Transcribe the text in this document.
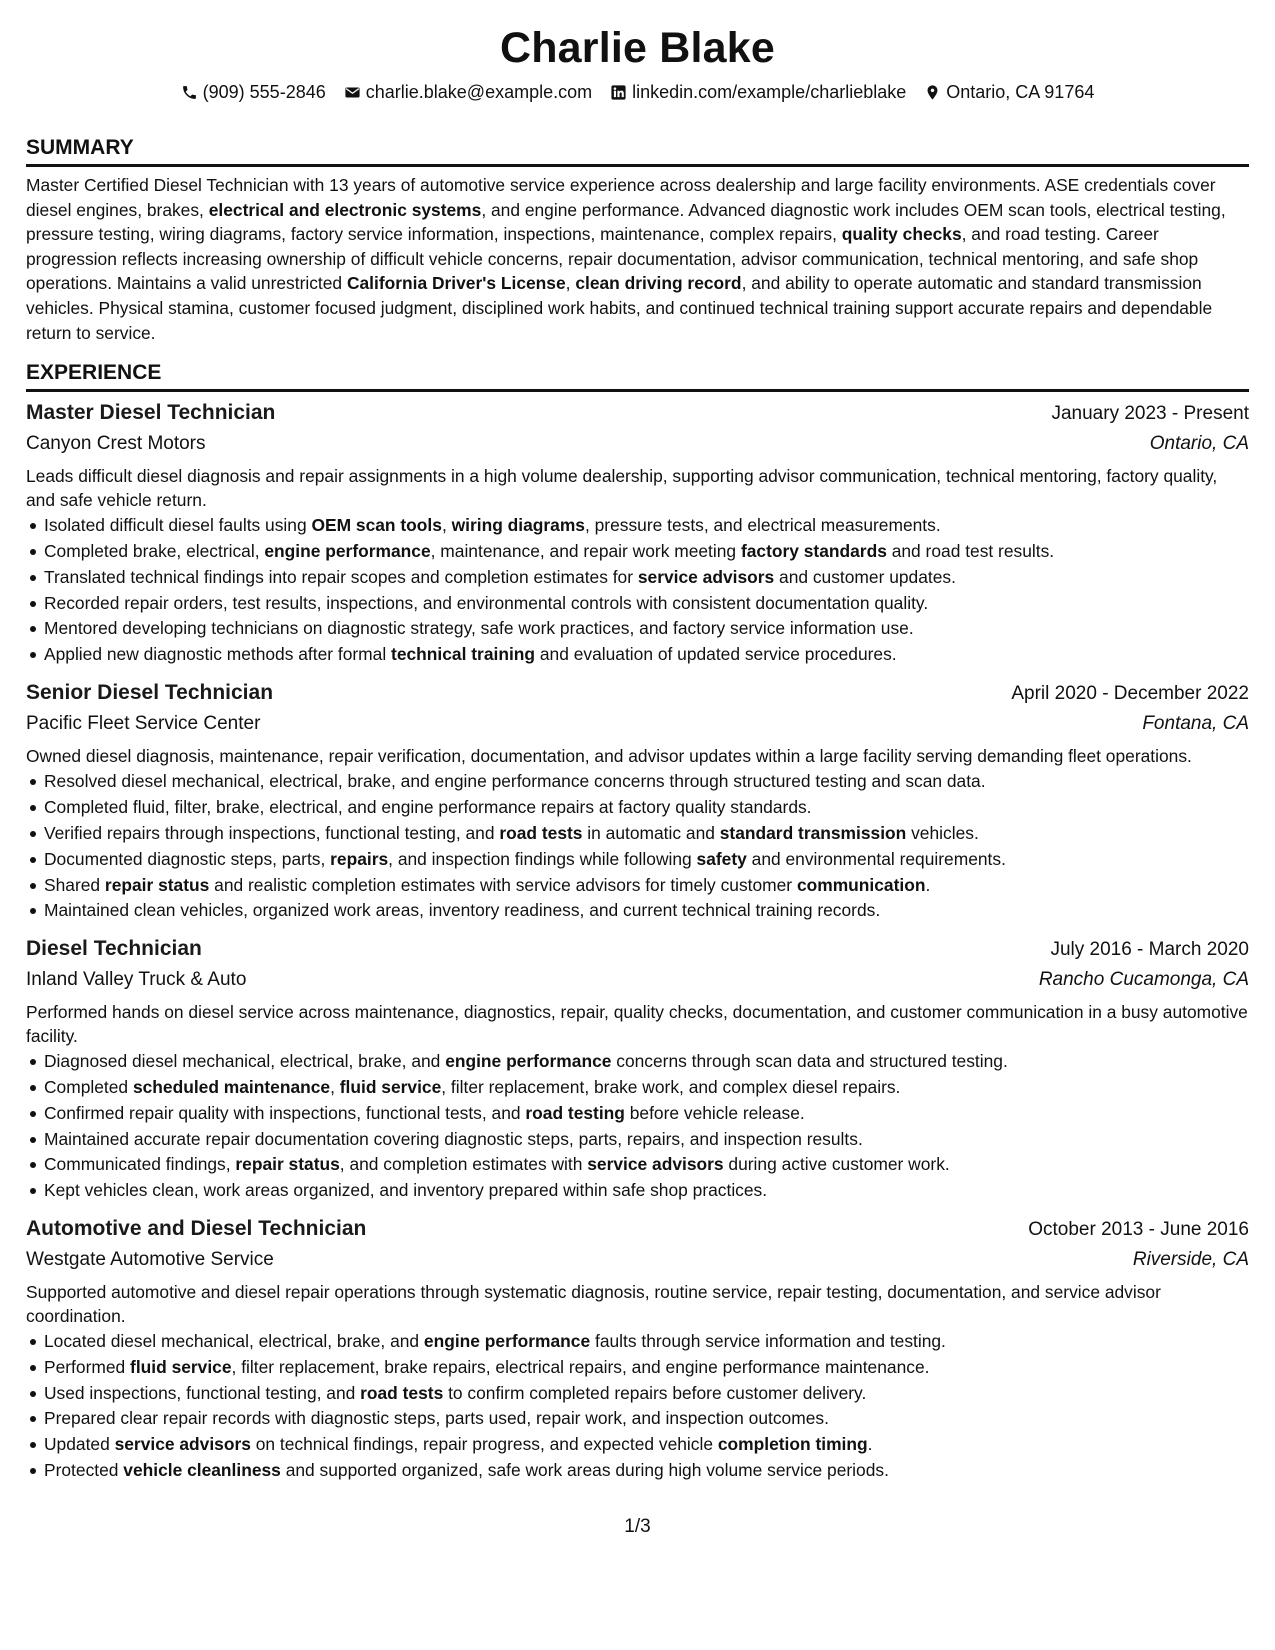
Charlie Blake
(909) 555-2846 charlie.blake@example.com linkedin.com/example/charlieblake Ontario, CA 91764
SUMMARY
Master Certified Diesel Technician with 13 years of automotive service experience across dealership and large facility environments. ASE credentials cover diesel engines, brakes, electrical and electronic systems, and engine performance. Advanced diagnostic work includes OEM scan tools, electrical testing, pressure testing, wiring diagrams, factory service information, inspections, maintenance, complex repairs, quality checks, and road testing. Career progression reflects increasing ownership of difficult vehicle concerns, repair documentation, advisor communication, technical mentoring, and safe shop operations. Maintains a valid unrestricted California Driver's License, clean driving record, and ability to operate automatic and standard transmission vehicles. Physical stamina, customer focused judgment, disciplined work habits, and continued technical training support accurate repairs and dependable return to service.
EXPERIENCE
Master Diesel Technician	January 2023 - Present
Canyon Crest Motors	Ontario, CA
Leads difficult diesel diagnosis and repair assignments in a high volume dealership, supporting advisor communication, technical mentoring, factory quality, and safe vehicle return.
Isolated difficult diesel faults using OEM scan tools, wiring diagrams, pressure tests, and electrical measurements.
Completed brake, electrical, engine performance, maintenance, and repair work meeting factory standards and road test results.
Translated technical findings into repair scopes and completion estimates for service advisors and customer updates.
Recorded repair orders, test results, inspections, and environmental controls with consistent documentation quality.
Mentored developing technicians on diagnostic strategy, safe work practices, and factory service information use.
Applied new diagnostic methods after formal technical training and evaluation of updated service procedures.
Senior Diesel Technician	April 2020 - December 2022
Pacific Fleet Service Center	Fontana, CA
Owned diesel diagnosis, maintenance, repair verification, documentation, and advisor updates within a large facility serving demanding fleet operations.
Resolved diesel mechanical, electrical, brake, and engine performance concerns through structured testing and scan data.
Completed fluid, filter, brake, electrical, and engine performance repairs at factory quality standards.
Verified repairs through inspections, functional testing, and road tests in automatic and standard transmission vehicles.
Documented diagnostic steps, parts, repairs, and inspection findings while following safety and environmental requirements.
Shared repair status and realistic completion estimates with service advisors for timely customer communication.
Maintained clean vehicles, organized work areas, inventory readiness, and current technical training records.
Diesel Technician	July 2016 - March 2020
Inland Valley Truck & Auto	Rancho Cucamonga, CA
Performed hands on diesel service across maintenance, diagnostics, repair, quality checks, documentation, and customer communication in a busy automotive facility.
Diagnosed diesel mechanical, electrical, brake, and engine performance concerns through scan data and structured testing.
Completed scheduled maintenance, fluid service, filter replacement, brake work, and complex diesel repairs.
Confirmed repair quality with inspections, functional tests, and road testing before vehicle release.
Maintained accurate repair documentation covering diagnostic steps, parts, repairs, and inspection results.
Communicated findings, repair status, and completion estimates with service advisors during active customer work.
Kept vehicles clean, work areas organized, and inventory prepared within safe shop practices.
Automotive and Diesel Technician	October 2013 - June 2016
Westgate Automotive Service	Riverside, CA
Supported automotive and diesel repair operations through systematic diagnosis, routine service, repair testing, documentation, and service advisor coordination.
Located diesel mechanical, electrical, brake, and engine performance faults through service information and testing.
Performed fluid service, filter replacement, brake repairs, electrical repairs, and engine performance maintenance.
Used inspections, functional testing, and road tests to confirm completed repairs before customer delivery.
Prepared clear repair records with diagnostic steps, parts used, repair work, and inspection outcomes.
Updated service advisors on technical findings, repair progress, and expected vehicle completion timing.
Protected vehicle cleanliness and supported organized, safe work areas during high volume service periods.
1/3
